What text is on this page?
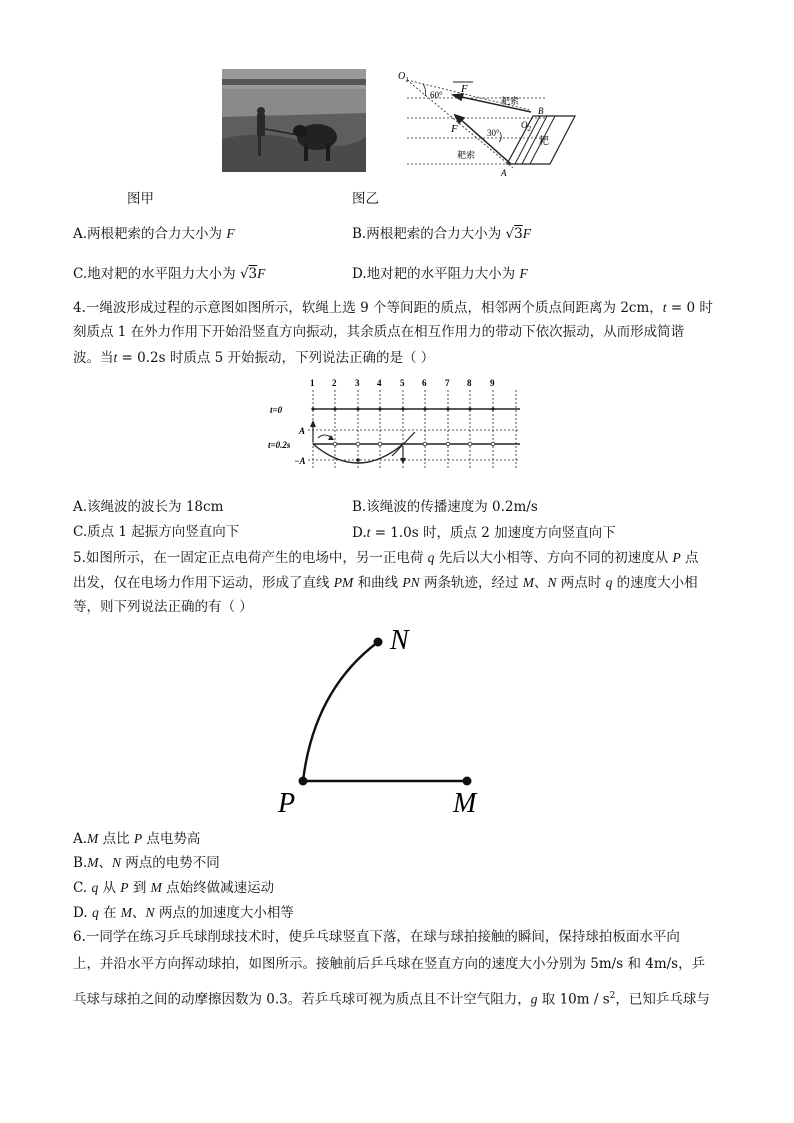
$O_1$
60° F
耙索
B
$O_2$
F	30°
耙
耙索
A
图甲	图乙
A.两根耙索的合力大小为 F	B.两根耙索的合力大小为 √3F
C.地对耙的水平阻力大小为 √3F	D.地对耙的水平阻力大小为 F
4.一绳波形成过程的示意图如图所示，软绳上选 9 个等间距的质点，相邻两个质点间距离为 2cm，t = 0 时
刻质点 1 在外力作用下开始沿竖直方向振动，其余质点在相互作用力的带动下依次振动，从而形成简谐
波。当t = 0.2s 时质点 5 开始振动，下列说法正确的是（ ）
1 2 3 4 5 6 7 8 9
t=0
A
t=0.2s
−A
A.该绳波的波长为 18cm	B.该绳波的传播速度为 0.2m/s
C.质点 1 起振方向竖直向下	D.t = 1.0s 时，质点 2 加速度方向竖直向下
5.如图所示，在一固定正点电荷产生的电场中，另一正电荷 q 先后以大小相等、方向不同的初速度从 P 点
出发，仅在电场力作用下运动，形成了直线 PM 和曲线 PN 两条轨迹，经过 M、N 两点时 q 的速度大小相
等，则下列说法正确的有（ ）
N
P	M
A.M 点比 P 点电势高
B.M、N 两点的电势不同
C. q 从 P 到 M 点始终做减速运动
D. q 在 M、N 两点的加速度大小相等
6.一同学在练习乒乓球削球技术时，使乒乓球竖直下落，在球与球拍接触的瞬间，保持球拍板面水平向
上，并沿水平方向挥动球拍，如图所示。接触前后乒乓球在竖直方向的速度大小分别为 5m/s 和 4m/s，乒
乓球与球拍之间的动摩擦因数为 0.3。若乒乓球可视为质点且不计空气阻力，g 取 $10m / s^2$，已知乒乓球与
